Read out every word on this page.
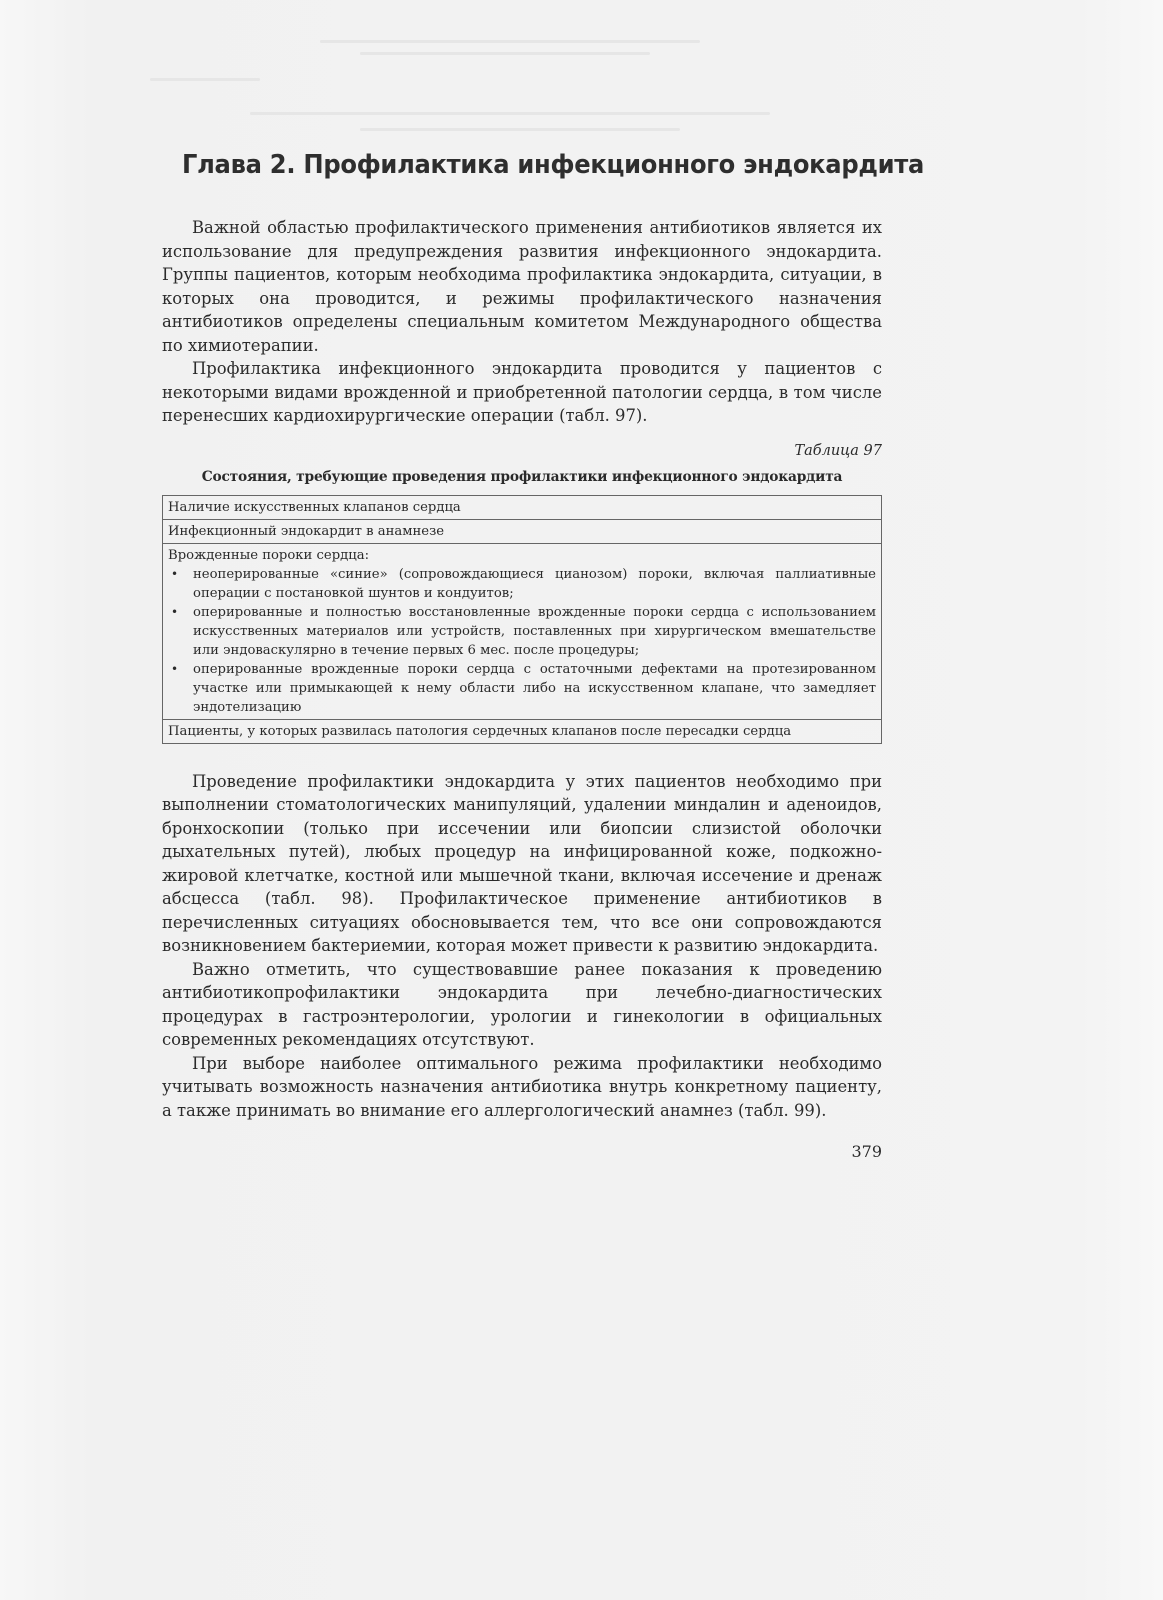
Глава 2. Профилактика инфекционного эндокардита

Важной областью профилактического применения антибиотиков является их использование для предупреждения развития инфекционного эндокардита. Группы пациентов, которым необходима профилактика эндокардита, ситуации, в которых она проводится, и режимы профилактического назначения антибиотиков определены специальным комитетом Международного общества по химиотерапии.

Профилактика инфекционного эндокардита проводится у пациентов с некоторыми видами врожденной и приобретенной патологии сердца, в том числе перенесших кардиохирургические операции (табл. 97).

Таблица 97
Состояния, требующие проведения профилактики инфекционного эндокардита
Наличие искусственных клапанов сердца
Инфекционный эндокардит в анамнезе

Врожденные пороки сердца:
• неоперированные «синие» (сопровождающиеся цианозом) пороки, включая паллиативные операции с постановкой шунтов и кондуитов;
• оперированные и полностью восстановленные врожденные пороки сердца с использованием искусственных материалов или устройств, поставленных при хирургическом вмешательстве или эндоваскулярно в течение первых 6 мес. после процедуры;
• оперированные врожденные пороки сердца с остаточными дефектами на протезированном участке или примыкающей к нему области либо на искусственном клапане, что замедляет эндотелизацию

Пациенты, у которых развилась патология сердечных клапанов после пересадки сердца

Проведение профилактики эндокардита у этих пациентов необходимо при выполнении стоматологических манипуляций, удалении миндалин и аденоидов, бронхоскопии (только при иссечении или биопсии слизистой оболочки дыхательных путей), любых процедур на инфицированной коже, подкожно-жировой клетчатке, костной или мышечной ткани, включая иссечение и дренаж абсцесса (табл. 98). Профилактическое применение антибиотиков в перечисленных ситуациях обосновывается тем, что все они сопровождаются возникновением бактериемии, которая может привести к развитию эндокардита.

Важно отметить, что существовавшие ранее показания к проведению антибиотикопрофилактики эндокардита при лечебно-диагностических процедурах в гастроэнтерологии, урологии и гинекологии в официальных современных рекомендациях отсутствуют.

При выборе наиболее оптимального режима профилактики необходимо учитывать возможность назначения антибиотика внутрь конкретному пациенту, а также принимать во внимание его аллергологический анамнез (табл. 99).

379
